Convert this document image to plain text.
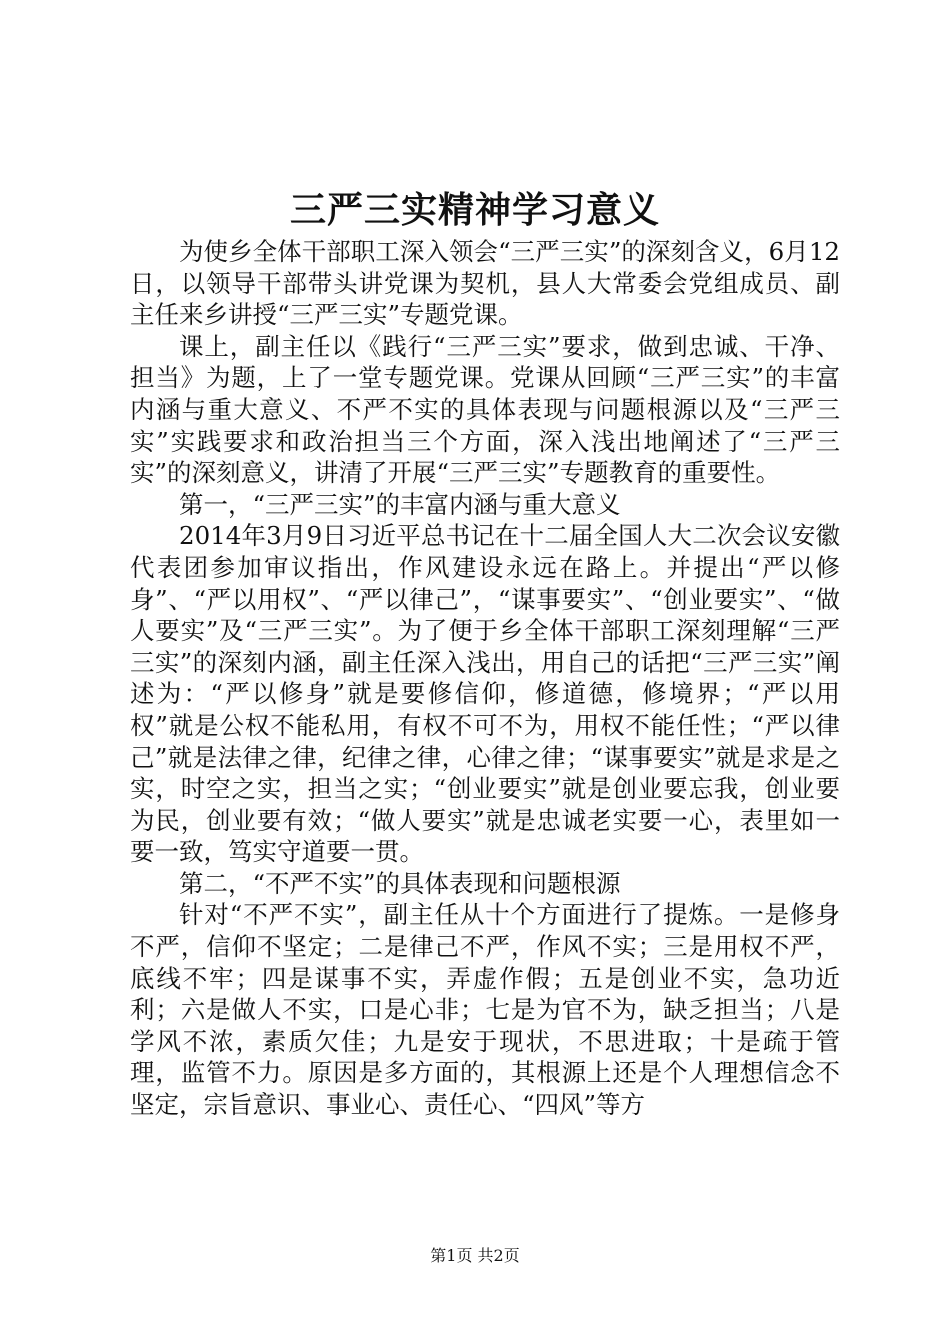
三严三实精神学习意义

为使乡全体干部职工深入领会“三严三实”的深刻含义，6月12日，以领导干部带头讲党课为契机，县人大常委会党组成员、副主任来乡讲授“三严三实”专题党课。

课上，副主任以《践行“三严三实”要求，做到忠诚、干净、担当》为题，上了一堂专题党课。党课从回顾“三严三实”的丰富内涵与重大意义、不严不实的具体表现与问题根源以及“三严三实”实践要求和政治担当三个方面，深入浅出地阐述了“三严三实”的深刻意义，讲清了开展“三严三实”专题教育的重要性。

第一，“三严三实”的丰富内涵与重大意义

2014年3月9日习近平总书记在十二届全国人大二次会议安徽代表团参加审议指出，作风建设永远在路上。并提出“严以修身”、“严以用权”、“严以律己”，“谋事要实”、“创业要实”、“做人要实”及“三严三实”。为了便于乡全体干部职工深刻理解“三严三实”的深刻内涵，副主任深入浅出，用自己的话把“三严三实”阐述为：“严以修身”就是要修信仰，修道德，修境界；“严以用权”就是公权不能私用，有权不可不为，用权不能任性；“严以律己”就是法律之律，纪律之律，心律之律；“谋事要实”就是求是之实，时空之实，担当之实；“创业要实”就是创业要忘我，创业要为民，创业要有效；“做人要实”就是忠诚老实要一心，表里如一要一致，笃实守道要一贯。

第二，“不严不实”的具体表现和问题根源

针对“不严不实”，副主任从十个方面进行了提炼。一是修身不严，信仰不坚定；二是律己不严，作风不实；三是用权不严，底线不牢；四是谋事不实，弄虚作假；五是创业不实，急功近利；六是做人不实，口是心非；七是为官不为，缺乏担当；八是学风不浓，素质欠佳；九是安于现状，不思进取；十是疏于管理，监管不力。原因是多方面的，其根源上还是个人理想信念不坚定，宗旨意识、事业心、责任心、“四风”等方

第1页 共2页
